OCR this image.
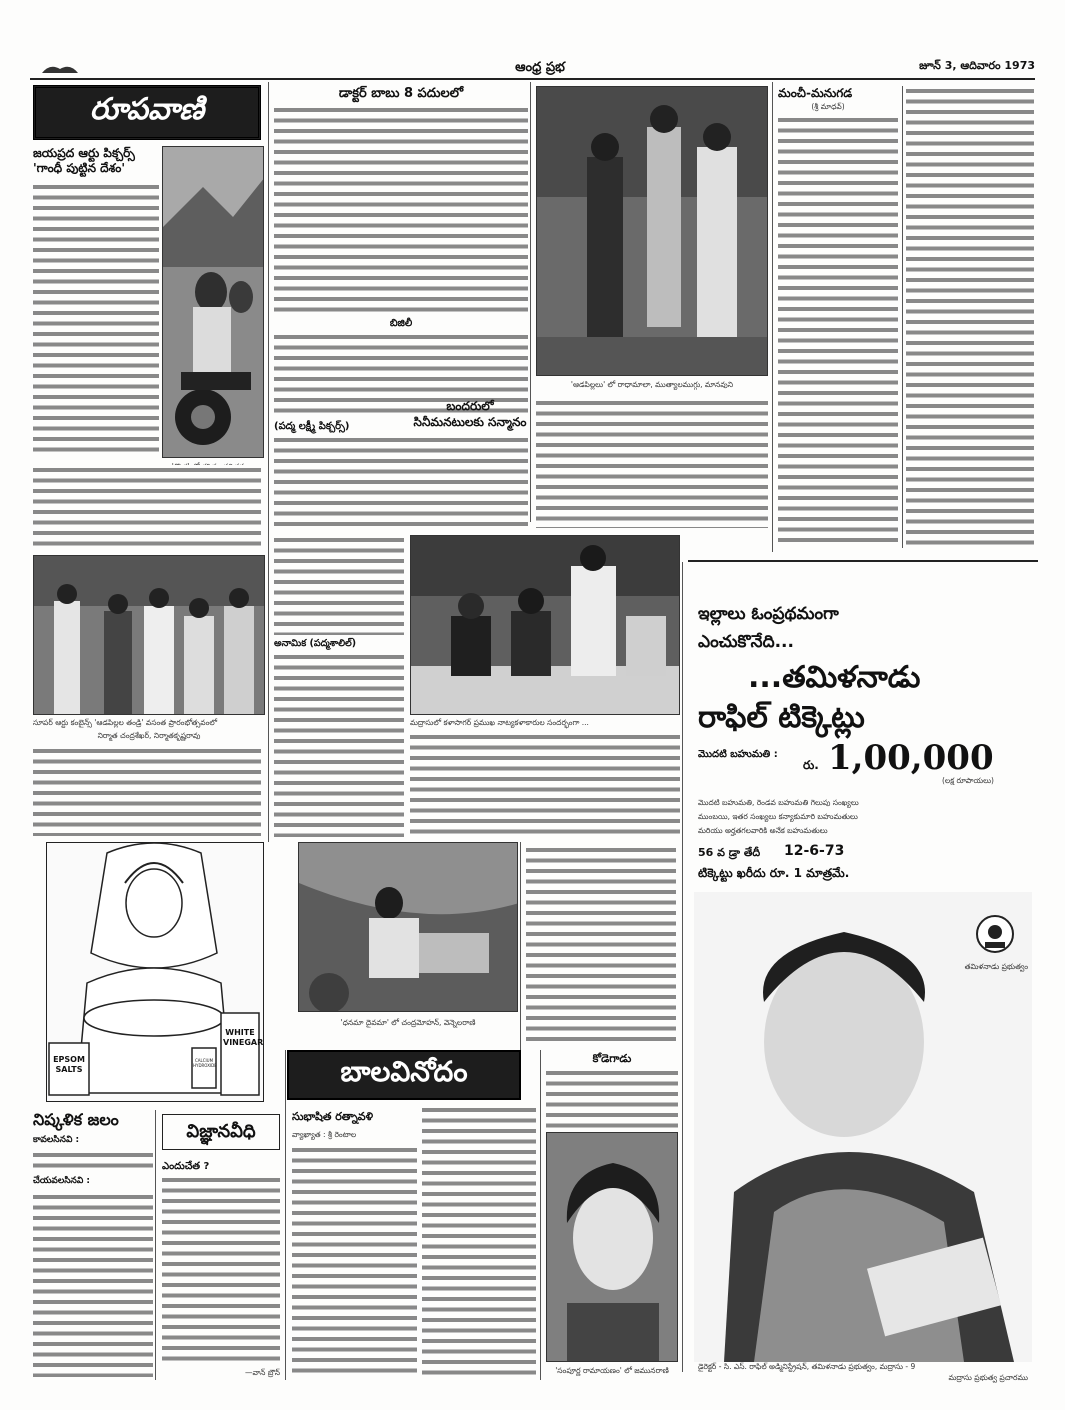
ఆంధ్ర ప్రభ	జూన్ 3, ఆదివారం 1973
రూపవాణి
జయప్రద ఆర్టు పిక్చర్స్ 'గాంధీ పుట్టిన దేశం'
సూపర్ ఆర్టు కంబైన్స్ 'ఆడపిల్లల తండ్రి' వసంత ప్రారంభోత్సవంలో
నిర్మాత చంద్రశేఖర్, నిర్మాతకృష్ణరావు
డాక్టర్ బాబు 8 పదులలో
బిజిలీ
(పద్మ లక్ష్మీ పిక్చర్స్)
అనామిక (పద్మశాలిల్)
'ఆడపిల్లలు' లో రాధామాలా, ముత్యాలముగ్గు, మానవుని
బందరులో సినీమనటులకు సన్మానం
మద్రాసులో కళాసాగర్ ప్రముఖ నాట్యకళాకారుల సందర్భంగా ...
మంచీ-మనుగడ
(శ్రీ మాధవ్)
ఇల్లాలు ఓంప్రథమంగా
ఎంచుకొనేది...
...తమిళనాడు
రాఫిల్ టిక్కెట్లు
మొదటి బహుమతి :
రు. 1,00,000
(లక్ష రూపాయలు)
మొదటి బహుమతి, రెండవ బహుమతి గెలుపు సంఖ్యలు
ముంబయి, ఇతర సంఖ్యలు కన్యాకుమారి బహుమతులు
మరియు అర్హతగలవారికి అనేక బహుమతులు
56 వ డ్రా తేదీ	12-6-73
టిక్కెట్టు ఖరీదు రూ. 1 మాత్రమే.
తమిళనాడు ప్రభుత్వం
డైరెక్టర్ - సి. ఎస్. రాఫిల్ అడ్మినిస్ట్రేషన్, తమిళనాడు ప్రభుత్వం, మద్రాసు - 9
మద్రాసు ప్రభుత్వ ప్రచారము
'ధనమా దైవమా' లో చంద్రమోహన్, వెన్నెలరాణి
EPSOM SALTS
WHITE VINEGAR
CALCIUM HYDROXIDE
నిష్కళిక జలం
కావలసినవి :
చేయవలసినవి :
విజ్ఞానవీధి
ఎందుచేత ?
—వాన్ బ్రౌన్
బాలవినోదం
సుభాషిత రత్నావళి
వ్యాఖ్యాత : శ్రీ రెంటాల
కోడెగాడు
'సంపూర్ణ రామాయణం' లో జమునరాణి
